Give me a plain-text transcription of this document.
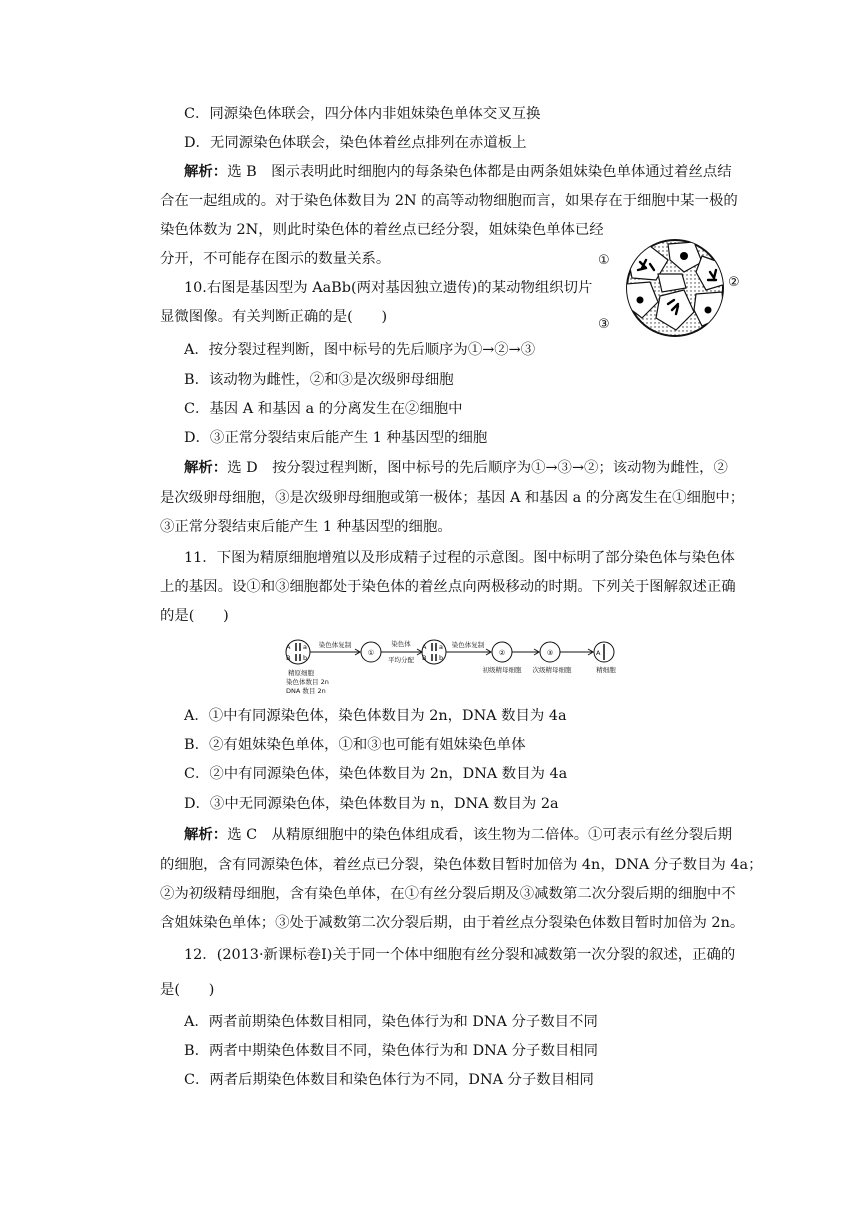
C．同源染色体联会，四分体内非姐妹染色单体交叉互换
D．无同源染色体联会，染色体着丝点排列在赤道板上
解析：选 B　图示表明此时细胞内的每条染色体都是由两条姐妹染色单体通过着丝点结
合在一起组成的。对于染色体数目为 2N 的高等动物细胞而言，如果存在于细胞中某一极的
染色体数为 2N，则此时染色体的着丝点已经分裂，姐妹染色单体已经
分开，不可能存在图示的数量关系。
10.右图是基因型为 AaBb(两对基因独立遗传)的某动物组织切片
显微图像。有关判断正确的是(　　)
A．按分裂过程判断，图中标号的先后顺序为①→②→③
B．该动物为雌性，②和③是次级卵母细胞
C．基因 A 和基因 a 的分离发生在②细胞中
D．③正常分裂结束后能产生 1 种基因型的细胞
解析：选 D　按分裂过程判断，图中标号的先后顺序为①→③→②；该动物为雌性，②
是次级卵母细胞，③是次级卵母细胞或第一极体；基因 A 和基因 a 的分离发生在①细胞中；
③正常分裂结束后能产生 1 种基因型的细胞。
①
②
③
11．下图为精原细胞增殖以及形成精子过程的示意图。图中标明了部分染色体与染色体
上的基因。设①和③细胞都处于染色体的着丝点向两极移动的时期。下列关于图解叙述正确
的是(　　)
A a
B b
A a
B b
A
①	②	③
染色体复制	染色体
平均分配
染色体复制
初级精母细胞 次级精母细胞	精细胞
精原细胞
染色体数目 2n
DNA 数目 2n
A．①中有同源染色体，染色体数目为 2n，DNA 数目为 4a
B．②有姐妹染色单体，①和③也可能有姐妹染色单体
C．②中有同源染色体，染色体数目为 2n，DNA 数目为 4a
D．③中无同源染色体，染色体数目为 n，DNA 数目为 2a
解析：选 C　从精原细胞中的染色体组成看，该生物为二倍体。①可表示有丝分裂后期
的细胞，含有同源染色体，着丝点已分裂，染色体数目暂时加倍为 4n，DNA 分子数目为 4a；
②为初级精母细胞，含有染色单体，在①有丝分裂后期及③减数第二次分裂后期的细胞中不
含姐妹染色单体；③处于减数第二次分裂后期，由于着丝点分裂染色体数目暂时加倍为 2n。
12．(2013·新课标卷Ⅰ)关于同一个体中细胞有丝分裂和减数第一次分裂的叙述，正确的
是(　　)
A．两者前期染色体数目相同，染色体行为和 DNA 分子数目不同
B．两者中期染色体数目不同，染色体行为和 DNA 分子数目相同
C．两者后期染色体数目和染色体行为不同，DNA 分子数目相同
